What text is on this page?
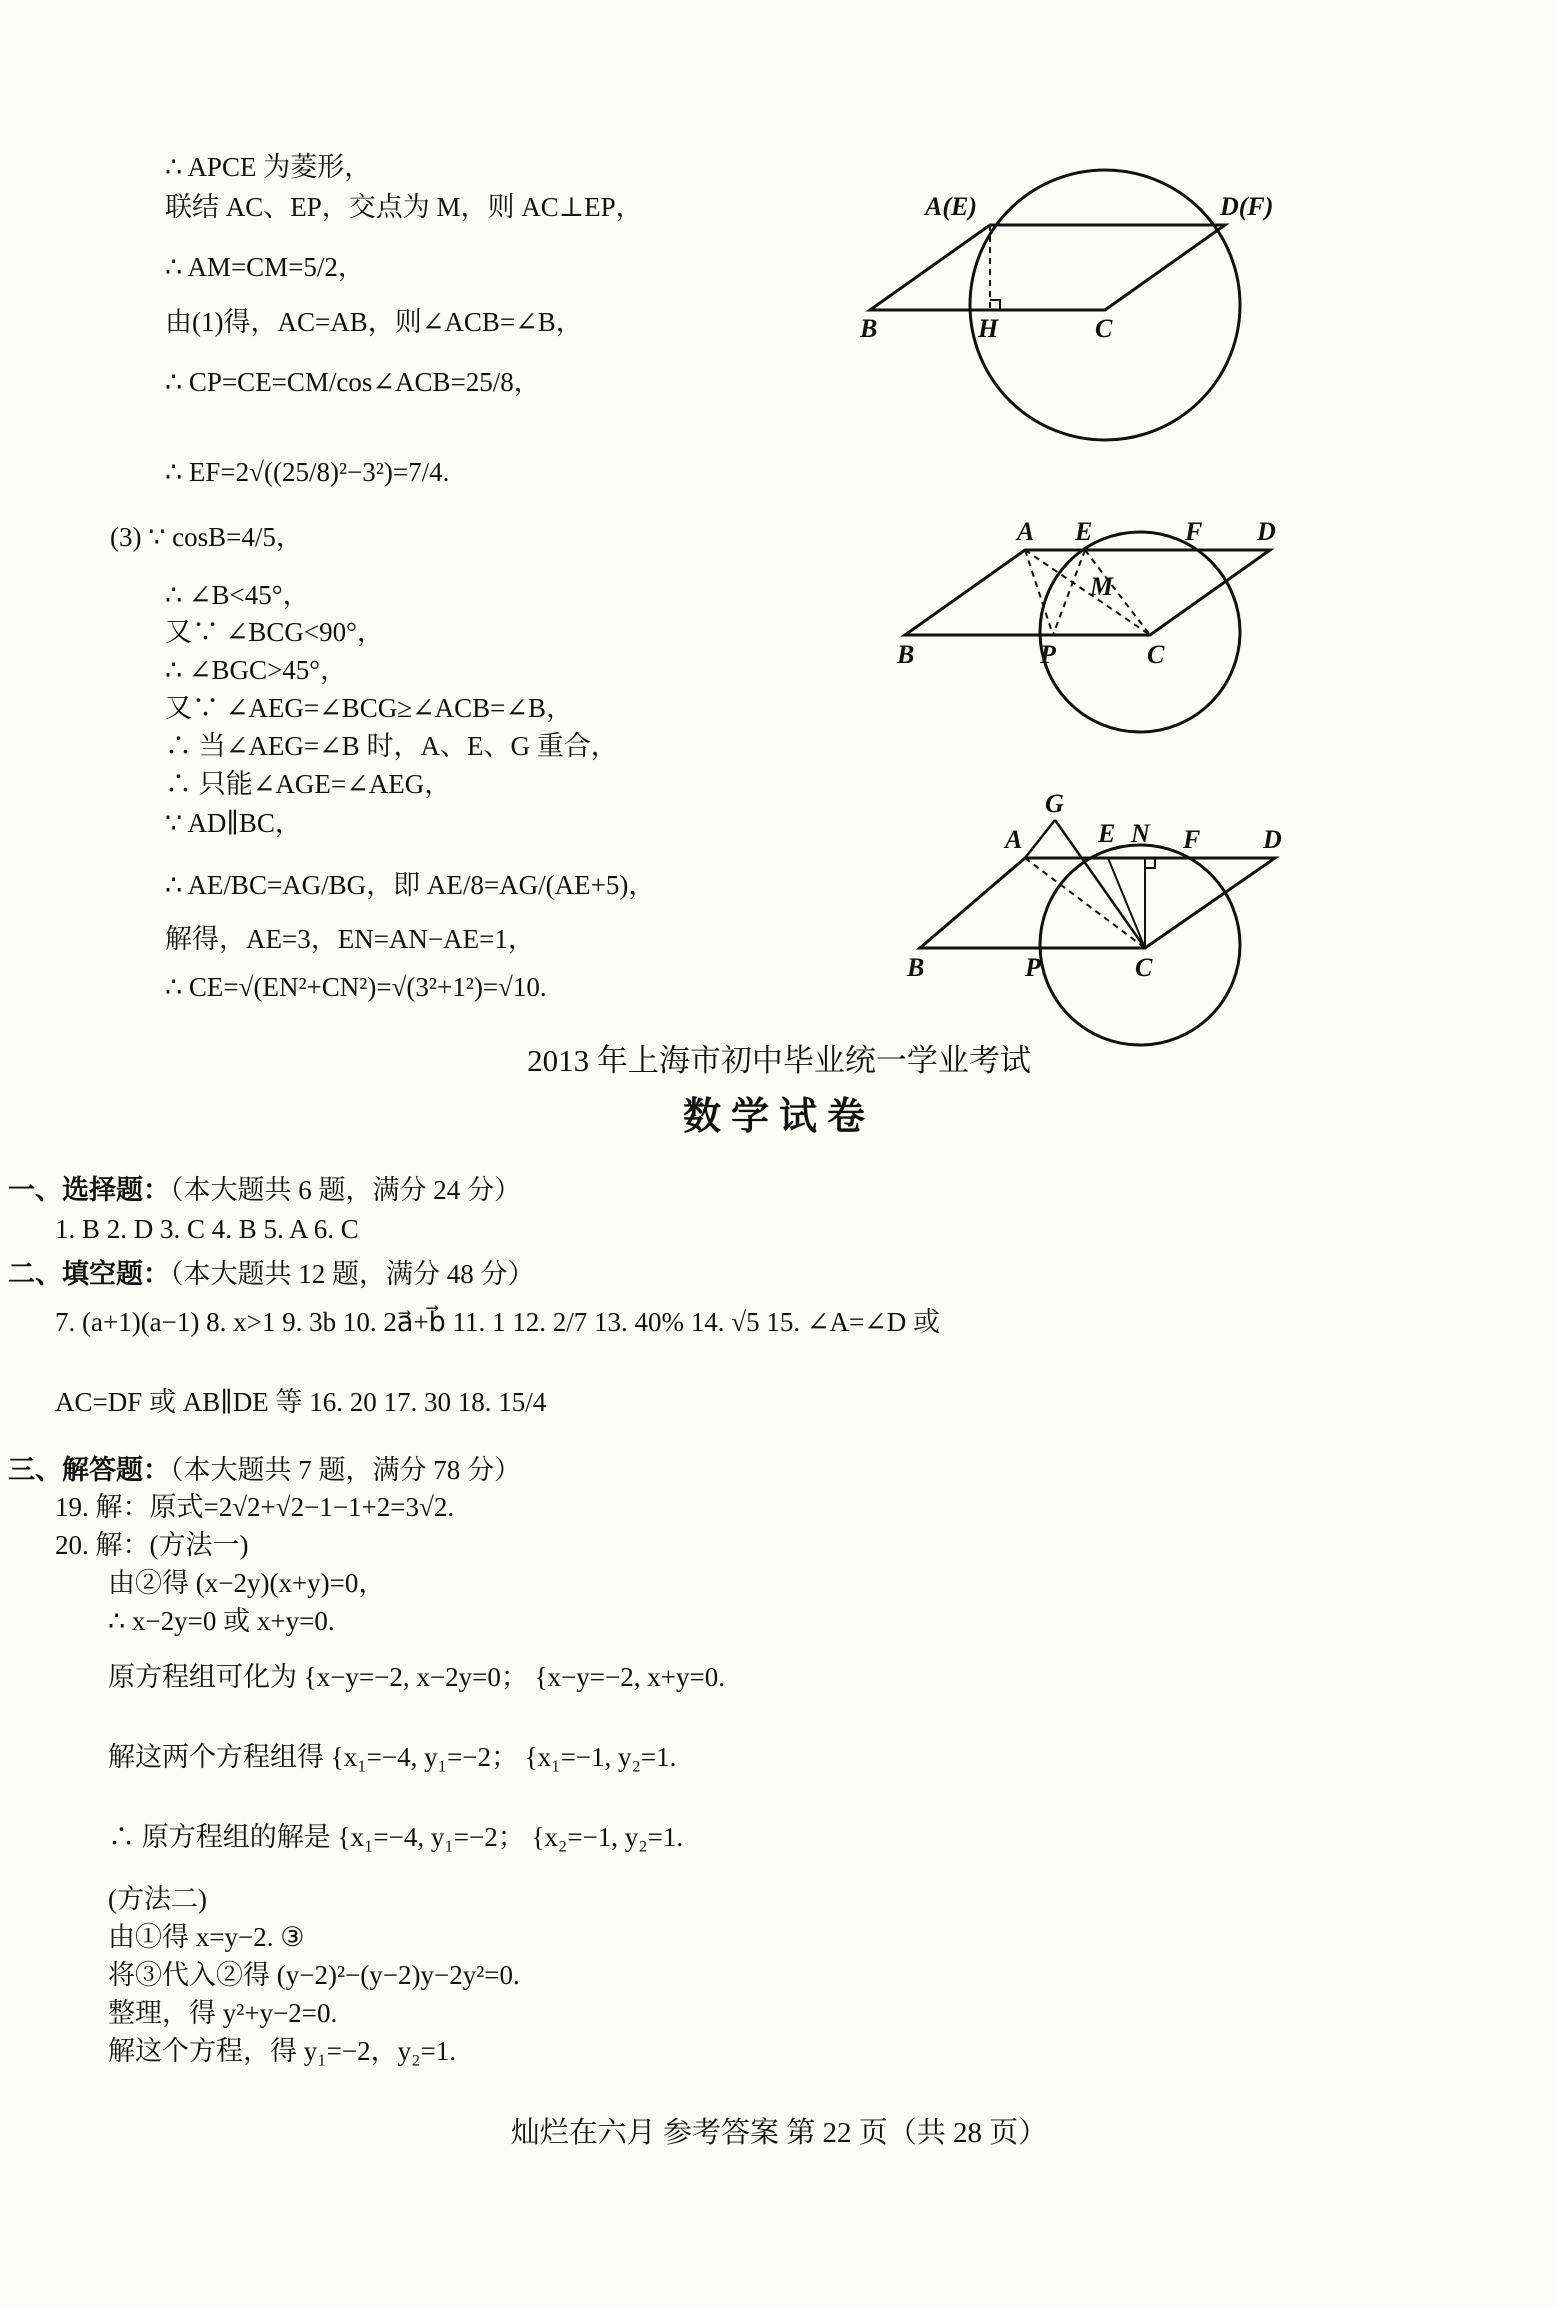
∴ APCE 为菱形，
联结 AC、EP，交点为 M，则 AC⊥EP，
∴ AM=CM=5/2，
由(1)得，AC=AB，则∠ACB=∠B，
∴ CP=CE=CM/cos∠ACB=25/8，
∴ EF=2√((25/8)²−3²)=7/4.
(3) ∵ cosB=4/5，
∴ ∠B<45°，
又∵ ∠BCG<90°，
∴ ∠BGC>45°，
又∵ ∠AEG=∠BCG≥∠ACB=∠B，
∴ 当∠AEG=∠B 时，A、E、G 重合，
∴ 只能∠AGE=∠AEG，
∵ AD∥BC，
∴ AE/BC=AG/BG，即 AE/8=AG/(AE+5)，
解得，AE=3，EN=AN−AE=1，
∴ CE=√(EN²+CN²)=√(3²+1²)=√10.
A(E)	D(F)
B	H	C
A E	F D
M
B	P	C
G
A	E N F D
B	P	C
2013 年上海市初中毕业统一学业考试
数学试卷
一、选择题：（本大题共 6 题，满分 24 分）
1. B 2. D 3. C 4. B 5. A 6. C
二、填空题：（本大题共 12 题，满分 48 分）
7. (a+1)(a−1) 8. x>1 9. 3b 10. 2a⃗+b⃗ 11. 1 12. 2/7 13. 40% 14. √5 15. ∠A=∠D 或
AC=DF 或 AB∥DE 等 16. 20 17. 30 18. 15/4
三、解答题：（本大题共 7 题，满分 78 分）
19. 解：原式=2√2+√2−1−1+2=3√2.
20. 解：(方法一)
由②得 (x−2y)(x+y)=0，
∴ x−2y=0 或 x+y=0.
原方程组可化为 {x−y=−2, x−2y=0； {x−y=−2, x+y=0.
解这两个方程组得 {x₁=−4, y₁=−2； {x₁=−1, y₂=1.
∴ 原方程组的解是 {x₁=−4, y₁=−2； {x₂=−1, y₂=1.
(方法二)
由①得 x=y−2. ③
将③代入②得 (y−2)²−(y−2)y−2y²=0.
整理，得 y²+y−2=0.
解这个方程，得 y₁=−2，y₂=1.
灿烂在六月 参考答案 第 22 页（共 28 页）
